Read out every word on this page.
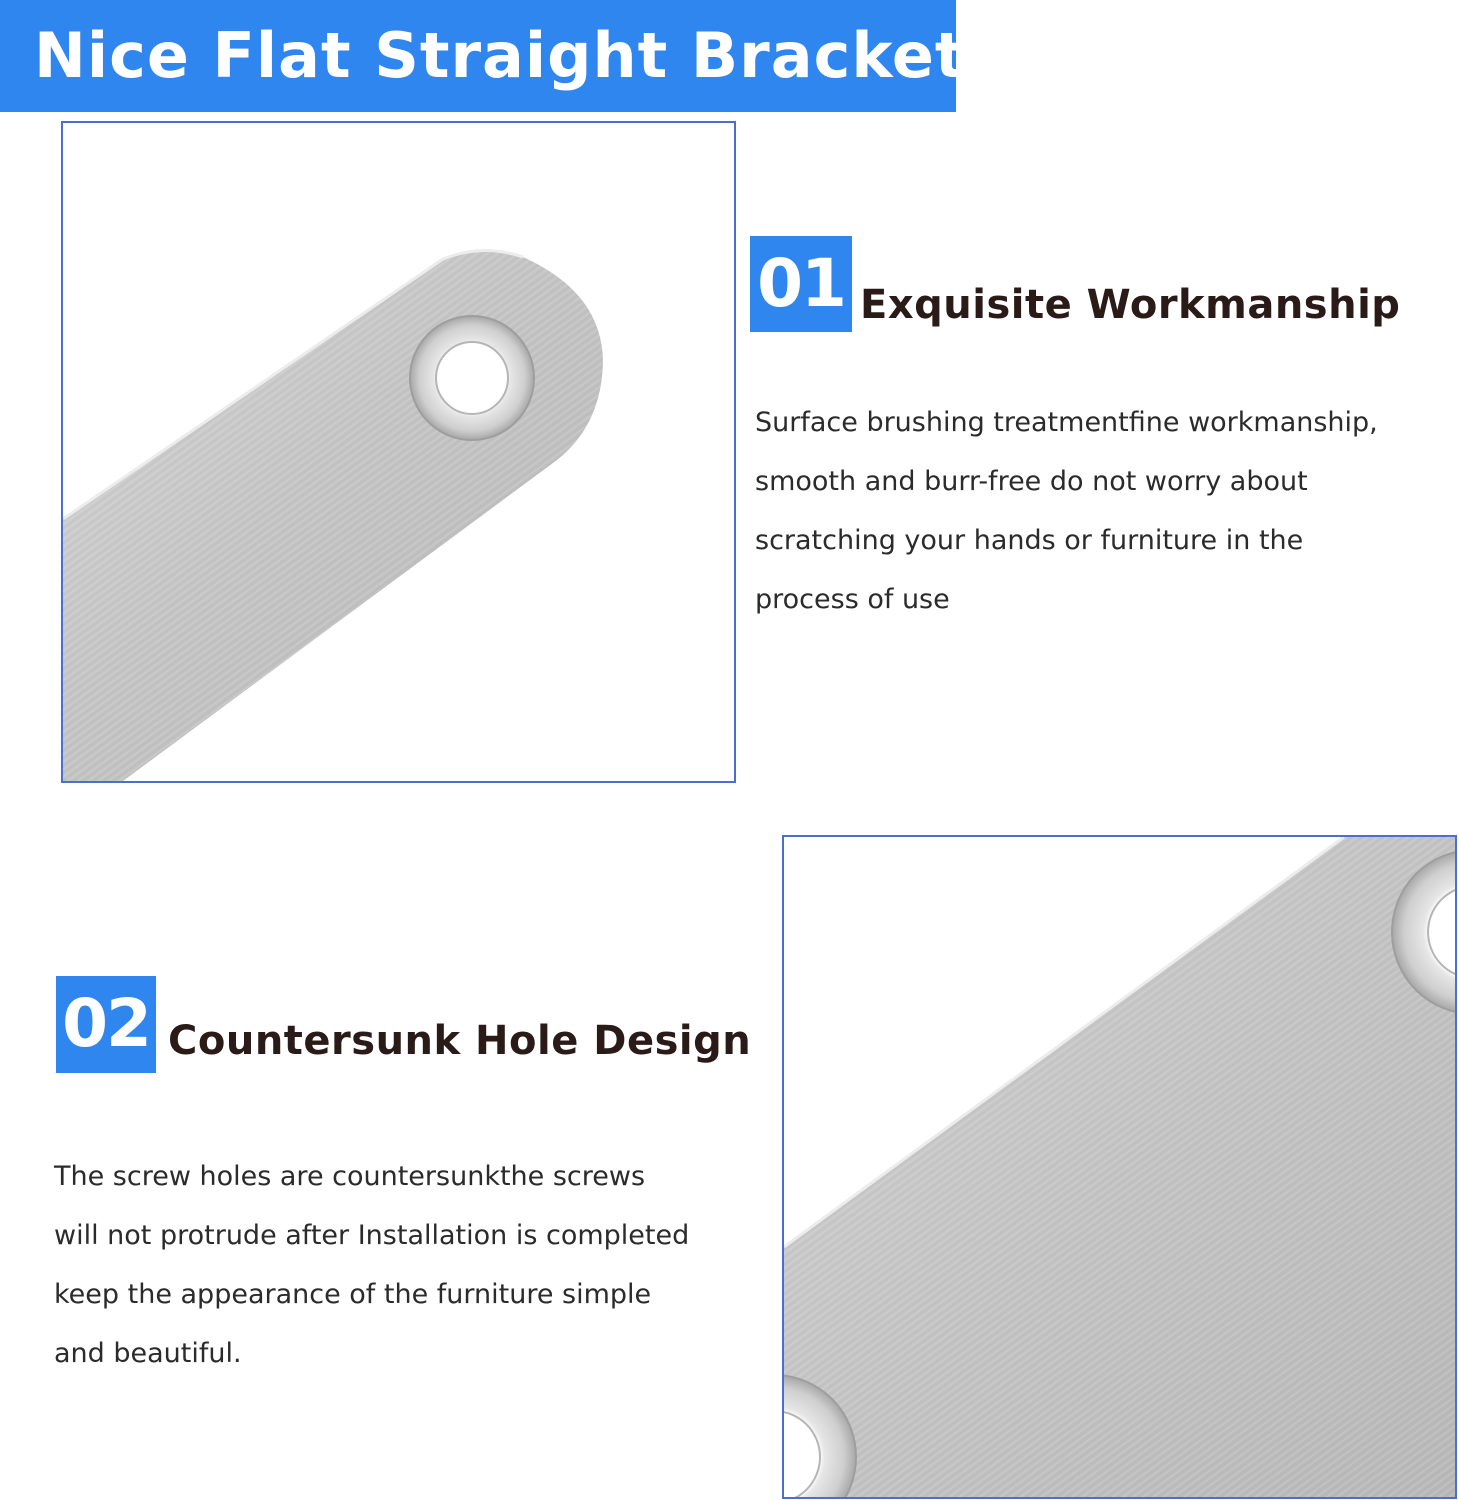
Nice Flat Straight Bracket
01 Exquisite Workmanship

Surface brushing treatmentfine workmanship,
smooth and burr-free do not worry about
scratching your hands or furniture in the
process of use

02 Countersunk Hole Design

The screw holes are countersunkthe screws
will not protrude after Installation is completed
keep the appearance of the furniture simple
and beautiful.
